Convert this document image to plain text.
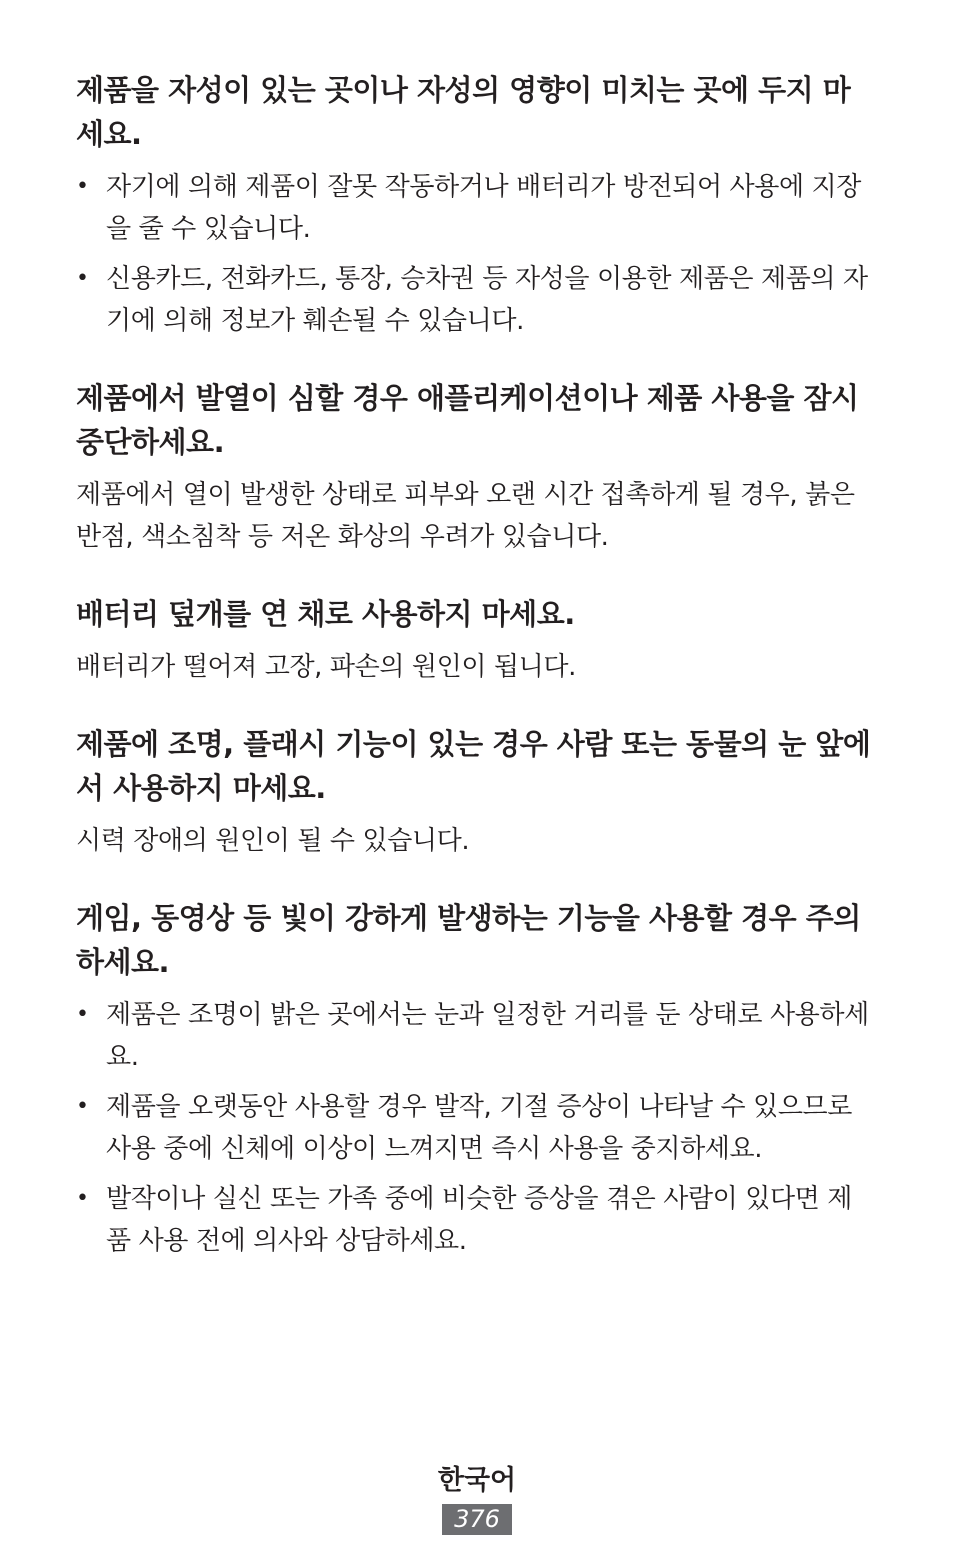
제품을 자성이 있는 곳이나 자성의 영향이 미치는 곳에 두지 마세요.
• 자기에 의해 제품이 잘못 작동하거나 배터리가 방전되어 사용에 지장을 줄 수 있습니다.
• 신용카드, 전화카드, 통장, 승차권 등 자성을 이용한 제품은 제품의 자기에 의해 정보가 훼손될 수 있습니다.
제품에서 발열이 심할 경우 애플리케이션이나 제품 사용을 잠시 중단하세요.

제품에서 열이 발생한 상태로 피부와 오랜 시간 접촉하게 될 경우, 붉은 반점, 색소침착 등 저온 화상의 우려가 있습니다.

배터리 덮개를 연 채로 사용하지 마세요.

배터리가 떨어져 고장, 파손의 원인이 됩니다.

제품에 조명, 플래시 기능이 있는 경우 사람 또는 동물의 눈 앞에서 사용하지 마세요.

시력 장애의 원인이 될 수 있습니다.

게임, 동영상 등 빛이 강하게 발생하는 기능을 사용할 경우 주의하세요.
• 제품은 조명이 밝은 곳에서는 눈과 일정한 거리를 둔 상태로 사용하세요.
• 제품을 오랫동안 사용할 경우 발작, 기절 증상이 나타날 수 있으므로 사용 중에 신체에 이상이 느껴지면 즉시 사용을 중지하세요.
• 발작이나 실신 또는 가족 중에 비슷한 증상을 겪은 사람이 있다면 제품 사용 전에 의사와 상담하세요.
한국어
376
